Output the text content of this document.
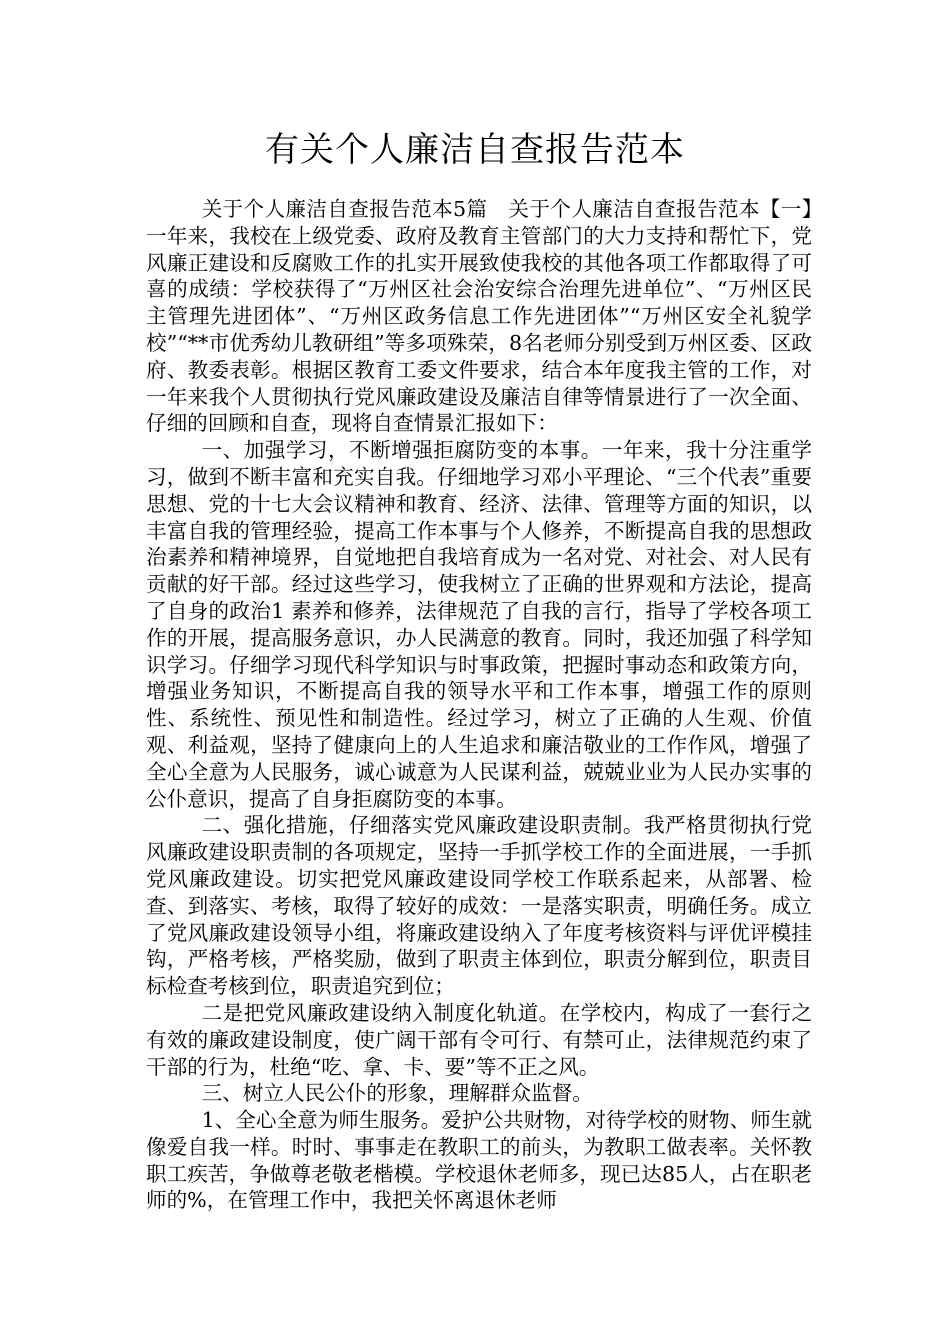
有关个人廉洁自查报告范本

关于个人廉洁自查报告范本5篇　关于个人廉洁自查报告范本【一】　一年来，我校在上级党委、政府及教育主管部门的大力支持和帮忙下，党风廉正建设和反腐败工作的扎实开展致使我校的其他各项工作都取得了可喜的成绩：学校获得了“万州区社会治安综合治理先进单位”、“万州区民主管理先进团体”、“万州区政务信息工作先进团体”“万州区安全礼貌学校”“**市优秀幼儿教研组”等多项殊荣，8名老师分别受到万州区委、区政府、教委表彰。根据区教育工委文件要求，结合本年度我主管的工作，对一年来我个人贯彻执行党风廉政建设及廉洁自律等情景进行了一次全面、仔细的回顾和自查，现将自查情景汇报如下：

一、加强学习，不断增强拒腐防变的本事。一年来，我十分注重学习，做到不断丰富和充实自我。仔细地学习邓小平理论、“三个代表”重要思想、党的十七大会议精神和教育、经济、法律、管理等方面的知识，以丰富自我的管理经验，提高工作本事与个人修养，不断提高自我的思想政治素养和精神境界，自觉地把自我培育成为一名对党、对社会、对人民有贡献的好干部。经过这些学习，使我树立了正确的世界观和方法论，提高了自身的政治1 素养和修养，法律规范了自我的言行，指导了学校各项工作的开展，提高服务意识，办人民满意的教育。同时，我还加强了科学知识学习。仔细学习现代科学知识与时事政策，把握时事动态和政策方向，增强业务知识，不断提高自我的领导水平和工作本事，增强工作的原则性、系统性、预见性和制造性。经过学习，树立了正确的人生观、价值观、利益观，坚持了健康向上的人生追求和廉洁敬业的工作作风，增强了全心全意为人民服务，诚心诚意为人民谋利益，兢兢业业为人民办实事的公仆意识，提高了自身拒腐防变的本事。

二、强化措施，仔细落实党风廉政建设职责制。我严格贯彻执行党风廉政建设职责制的各项规定，坚持一手抓学校工作的全面进展，一手抓党风廉政建设。切实把党风廉政建设同学校工作联系起来，从部署、检查、到落实、考核，取得了较好的成效：一是落实职责，明确任务。成立了党风廉政建设领导小组，将廉政建设纳入了年度考核资料与评优评模挂钩，严格考核，严格奖励，做到了职责主体到位，职责分解到位，职责目标检查考核到位，职责追究到位；

二是把党风廉政建设纳入制度化轨道。在学校内，构成了一套行之有效的廉政建设制度，使广阔干部有令可行、有禁可止，法律规范约束了干部的行为，杜绝“吃、拿、卡、要”等不正之风。

三、树立人民公仆的形象，理解群众监督。

1、全心全意为师生服务。爱护公共财物，对待学校的财物、师生就像爱自我一样。时时、事事走在教职工的前头，为教职工做表率。关怀教职工疾苦，争做尊老敬老楷模。学校退休老师多，现已达85人，占在职老师的%，在管理工作中，我把关怀离退休老师
